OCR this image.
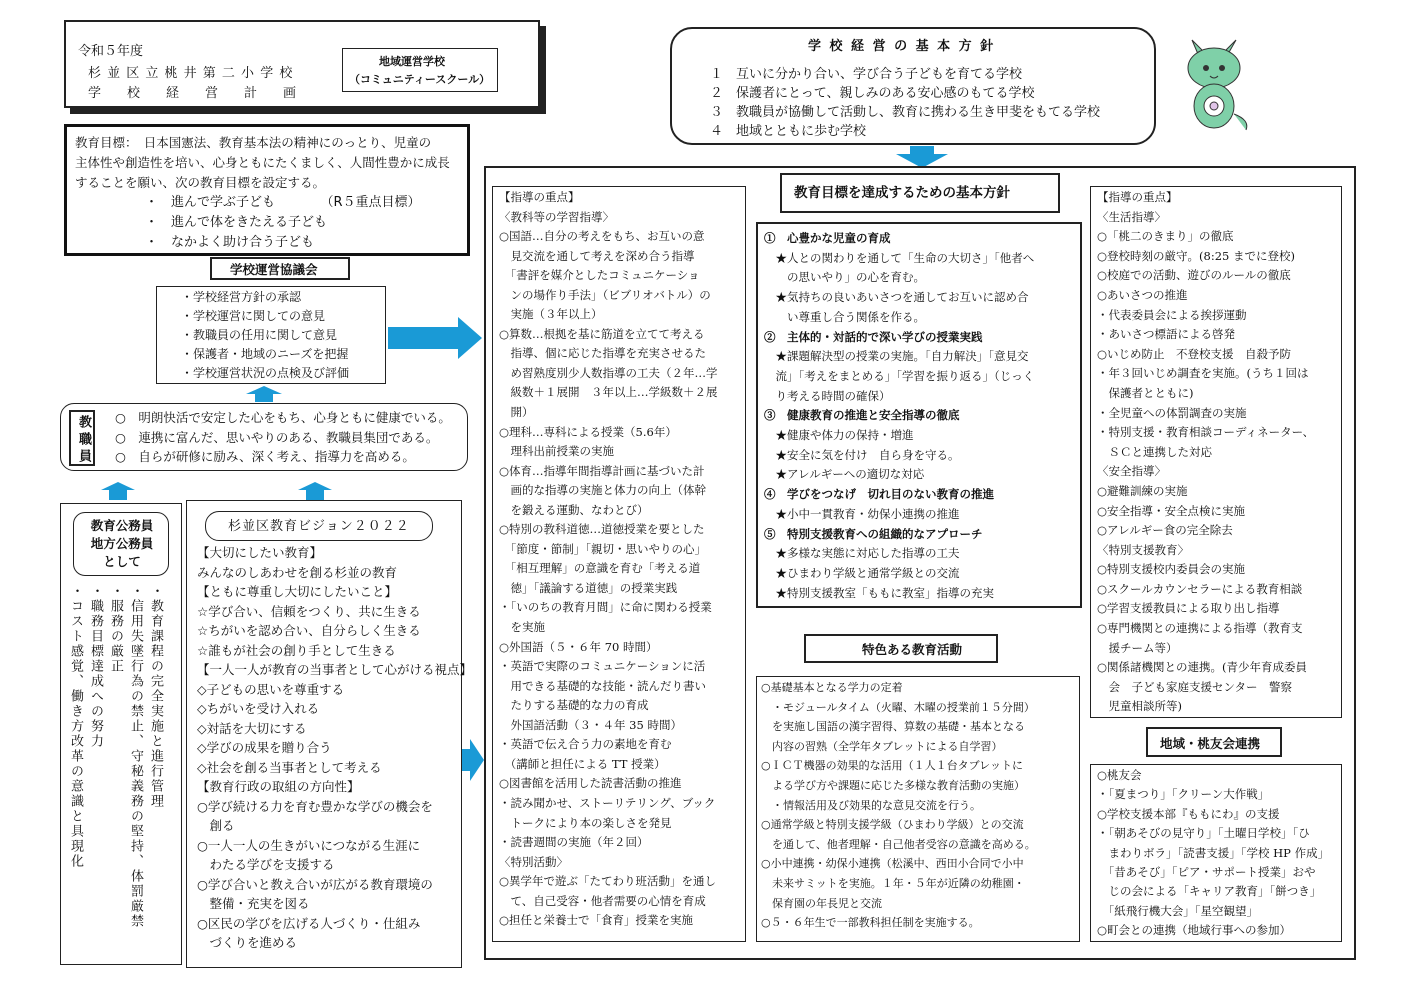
令和５年度
杉 並 区 立 桃 井 第 二 小 学 校
学　　校　　経　　営　　計　　画
地域運営学校
（コミュニティースクール）
学 校 経 営 の 基 本 方 針
１　互いに分かり合い、学び合う子どもを育てる学校
２　保護者にとって、親しみのある安心感のもてる学校
３　教職員が協働して活動し、教育に携わる生き甲斐をもてる学校
４　地域とともに歩む学校
教育目標：　日本国憲法、教育基本法の精神にのっとり、児童の
主体性や創造性を培い、心身ともにたくましく、人間性豊かに成長
することを願い、次の教育目標を設定する。
・　進んで学ぶ子ども　　　　（R５重点目標）
・　進んで体をきたえる子ども
・　なかよく助け合う子ども
学校運営協議会
・学校経営方針の承認
・学校運営に関しての意見
・教職員の任用に関して意見
・保護者・地域のニーズを把握
・学校運営状況の点検及び評価
教職員 ○　明朗快活で安定した心をもち、心身ともに健康でいる。
○　連携に富んだ、思いやりのある、教職員集団である。
○　自らが研修に励み、深く考え、指導力を高める。
教育公務員
地方公務員
として
・教育課程の完全実施と進行管理
・信用失墜行為の禁止、守秘義務の堅持、体罰厳禁
・服務の厳正
・職務目標達成への努力
・コスト感覚、働き方改革の意識と具現化
杉並区教育ビジョン２０２２
【大切にしたい教育】
みんなのしあわせを創る杉並の教育
【ともに尊重し大切にしたいこと】
☆学び合い、信頼をつくり、共に生きる
☆ちがいを認め合い、自分らしく生きる
☆誰もが社会の創り手として生きる
【一人一人が教育の当事者として心がける視点】
◇子どもの思いを尊重する
◇ちがいを受け入れる
◇対話を大切にする
◇学びの成果を贈り合う
◇社会を創る当事者として考える
【教育行政の取組の方向性】
○学び続ける力を育む豊かな学びの機会を
　創る
○一人一人の生きがいにつながる生涯に
　わたる学びを支援する
○学び合いと教え合いが広がる教育環境の
　整備・充実を図る
○区民の学びを広げる人づくり・仕組み
　づくりを進める
【指導の重点】
〈教科等の学習指導〉
○国語…自分の考えをもち、お互いの意
　見交流を通して考えを深め合う指導
　「書評を媒介としたコミュニケーショ
　ンの場作り手法」（ビブリオバトル）の
　実施（３年以上）
○算数…根拠を基に筋道を立てて考える
　指導、個に応じた指導を充実させるた
　め習熟度別少人数指導の工夫（２年…学
　級数＋１展開　３年以上…学級数＋２展
　開）
○理科…専科による授業（5.6年）
　理科出前授業の実施
○体育…指導年間指導計画に基づいた計
　画的な指導の実施と体力の向上（体幹
　を鍛える運動、なわとび）
○特別の教科道徳…道徳授業を要とした
　「節度・節制」「親切・思いやりの心」
　「相互理解」の意識を育む「考える道
　徳」「議論する道徳」の授業実践
・「いのちの教育月間」に命に関わる授業
　を実施
○外国語（５・６年 70 時間）
・英語で実際のコミュニケーションに活
　用できる基礎的な技能・読んだり書い
　たりする基礎的な力の育成
　外国語活動（３・４年 35 時間）
・英語で伝え合う力の素地を育む
　（講師と担任による TT 授業）
○図書館を活用した読書活動の推進
・読み聞かせ、ストーリテリング、ブック
　トークにより本の楽しさを発見
・読書週間の実施（年２回）
〈特別活動〉
○異学年で遊ぶ「たてわり班活動」を通し
　て、自己受容・他者需要の心情を育成
○担任と栄養士で「食育」授業を実施
教育目標を達成するための基本方針
①　心豊かな児童の育成
　★人との関わりを通して「生命の大切さ」「他者へ
　　の思いやり」の心を育む。
　★気持ちの良いあいさつを通してお互いに認め合
　　い尊重し合う関係を作る。
②　主体的・対話的で深い学びの授業実践
　★課題解決型の授業の実施。「自力解決」「意見交
　流」「考えをまとめる」「学習を振り返る」（じっく
　り考える時間の確保）
③　健康教育の推進と安全指導の徹底
　★健康や体力の保持・増進
　★安全に気を付け　自ら身を守る。
　★アレルギーへの適切な対応
④　学びをつなげ　切れ目のない教育の推進
　★小中一貫教育・幼保小連携の推進
⑤　特別支援教育への組織的なアプローチ
　★多様な実態に対応した指導の工夫
　★ひまわり学級と通常学級との交流
　★特別支援教室「ももに教室」指導の充実
特色ある教育活動
○基礎基本となる学力の定着
　・モジュールタイム（火曜、木曜の授業前１５分間）
　を実施し国語の漢字習得、算数の基礎・基本となる
　内容の習熟（全学年タブレットによる自学習）
○ＩＣＴ機器の効果的な活用（１人１台タブレットに
　よる学び方や課題に応じた多様な教育活動の実施）
　・情報活用及び効果的な意見交流を行う。
○通常学級と特別支援学級（ひまわり学級）との交流
　を通して、他者理解・自己他者受容の意識を高める。
○小中連携・幼保小連携（松溪中、西田小合同で小中
　未来サミットを実施。１年・５年が近隣の幼稚園・
　保育園の年長児と交流
○５・６年生で一部教科担任制を実施する。
【指導の重点】
〈生活指導〉
○「桃二のきまり」の徹底
○登校時刻の厳守。(8:25 までに登校)
○校庭での活動、遊びのルールの徹底
○あいさつの推進
・代表委員会による挨拶運動
・あいさつ標語による啓発
○いじめ防止　不登校支援　自殺予防
・年３回いじめ調査を実施。(うち１回は
　保護者とともに)
・全児童への体罰調査の実施
・特別支援・教育相談コーディネーター、
　ＳＣと連携した対応
〈安全指導〉
○避難訓練の実施
○安全指導・安全点検に実施
○アレルギー食の完全除去
〈特別支援教育〉
○特別支援校内委員会の実施
○スクールカウンセラーによる教育相談
○学習支援教員による取り出し指導
○専門機関との連携による指導（教育支
　援チーム等）
○関係諸機関との連携。(青少年育成委員
　会　子ども家庭支援センター　警察
　児童相談所等)
地域・桃友会連携
○桃友会
・「夏まつり」「クリーン大作戦」
○学校支援本部『ももにわ』の支援
・「朝あそびの見守り」「土曜日学校」「ひ
　まわりボラ」「読書支援」「学校 HP 作成」
　「昔あそび」「ピア・サポート授業」おや
　じの会による「キャリア教育」「餅つき」
　「紙飛行機大会」「星空観望」
○町会との連携（地域行事への参加）
